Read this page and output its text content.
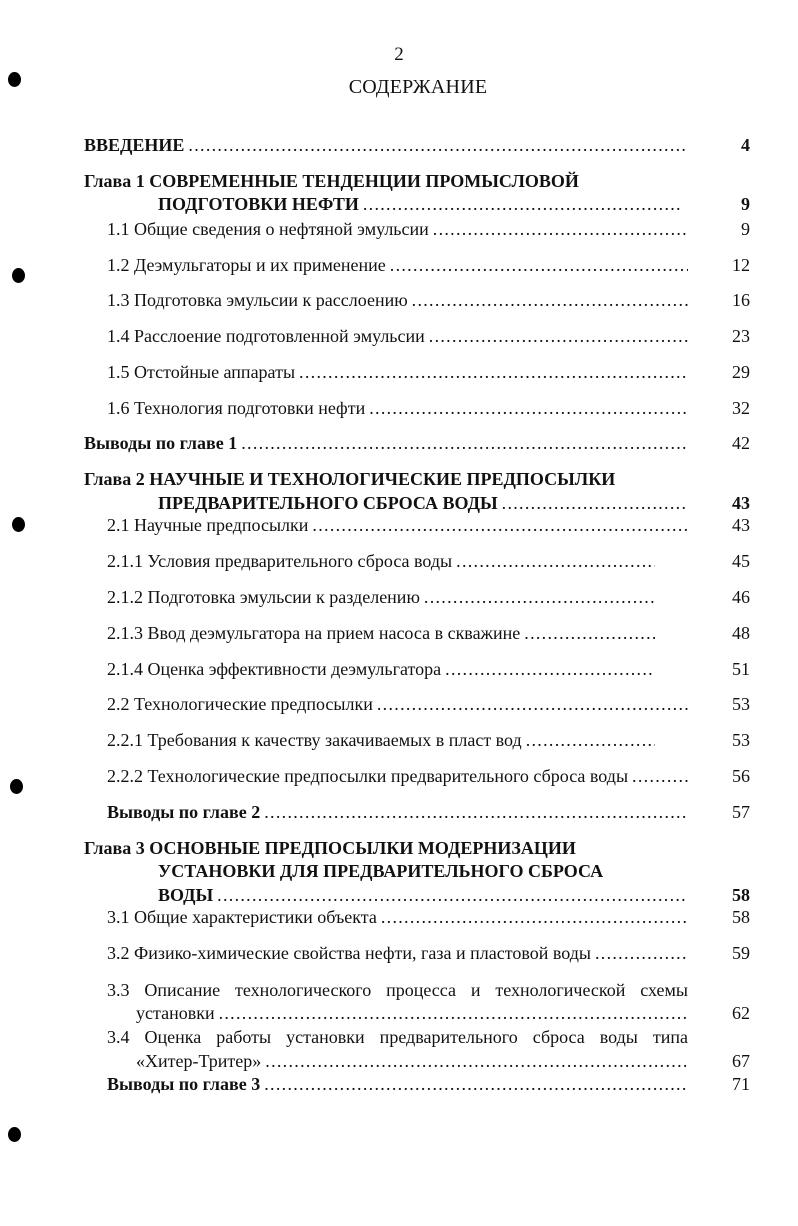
2
СОДЕРЖАНИЕ
ВВЕДЕНИЕ . . .	4
Глава 1 СОВРЕМЕННЫЕ ТЕНДЕНЦИИ ПРОМЫСЛОВОЙ
ПОДГОТОВКИ НЕФТИ . . .	9
1.1 Общие сведения о нефтяной эмульсии . . .	9
1.2 Деэмульгаторы и их применение . . .	12
1.3 Подготовка эмульсии к расслоению . . .	16
1.4 Расслоение подготовленной эмульсии . . .	23
1.5 Отстойные аппараты . . .	29
1.6 Технология подготовки нефти . . .	32
Выводы по главе 1 . . .	42
Глава 2 НАУЧНЫЕ И ТЕХНОЛОГИЧЕСКИЕ ПРЕДПОСЫЛКИ
ПРЕДВАРИТЕЛЬНОГО СБРОСА ВОДЫ . . .	43
2.1 Научные предпосылки . . .	43
2.1.1 Условия предварительного сброса воды . . .	45
2.1.2 Подготовка эмульсии к разделению . . .	46
2.1.3 Ввод деэмульгатора на прием насоса в скважине . . .	48
2.1.4 Оценка эффективности деэмульгатора . . .	51
2.2 Технологические предпосылки . . .	53
2.2.1 Требования к качеству закачиваемых в пласт вод . . .	53
2.2.2 Технологические предпосылки предварительного сброса воды . . .	56
Выводы по главе 2 . . .	57
Глава 3 ОСНОВНЫЕ ПРЕДПОСЫЛКИ МОДЕРНИЗАЦИИ
УСТАНОВКИ ДЛЯ ПРЕДВАРИТЕЛЬНОГО СБРОСА
ВОДЫ . . .	58
3.1 Общие характеристики объекта . . .	58
3.2 Физико-химические свойства нефти, газа и пластовой воды . . .	59
3.3 Описание технологического процесса и технологической схемы
установки . . .	62
3.4 Оценка работы установки предварительного сброса воды типа
«Хитер-Тритер» . . .	67
Выводы по главе 3 . . .	71
